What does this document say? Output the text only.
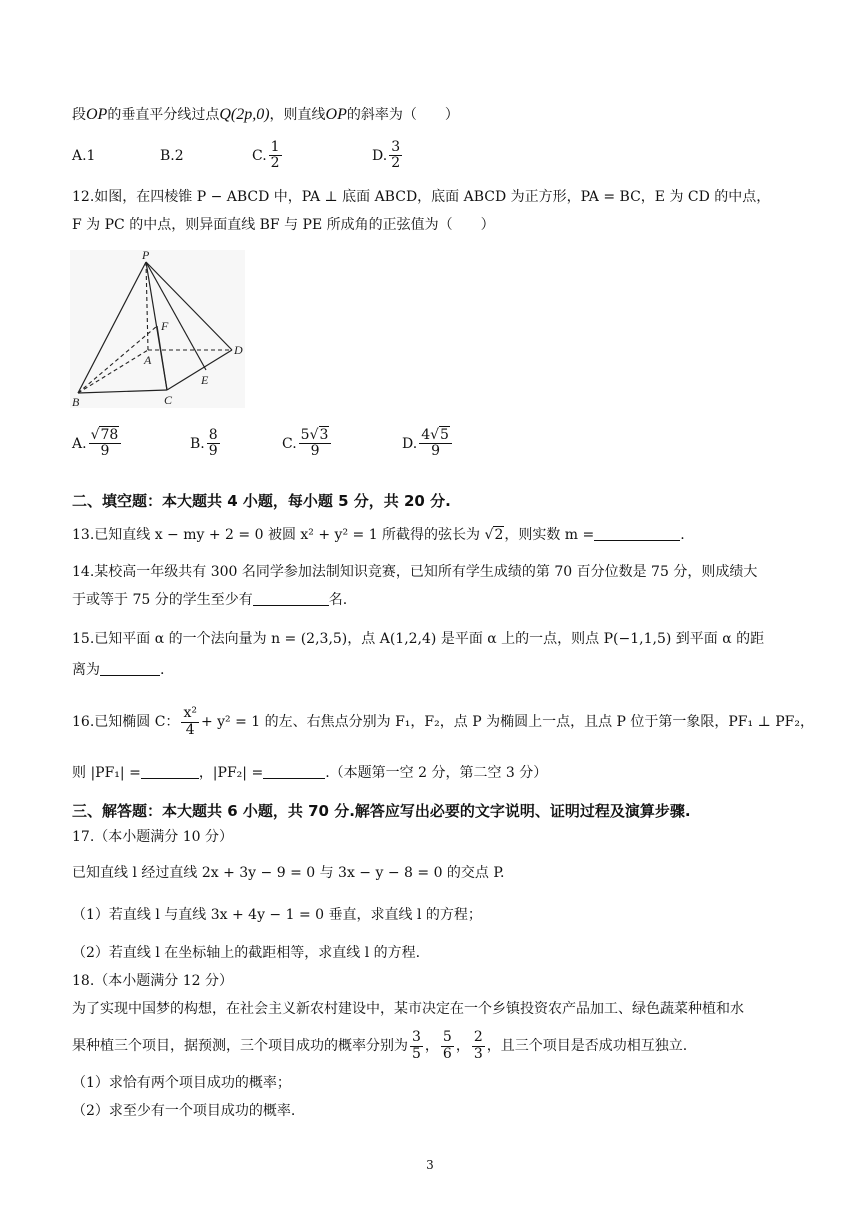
段OP的垂直平分线过点Q(2p,0)，则直线OP的斜率为（　　）
A.1	B.2	C. $\frac{1}{2}$	D. $\frac{3}{2}$
12.如图，在四棱锥 P − ABCD 中，PA ⊥ 底面 ABCD，底面 ABCD 为正方形，PA = BC，E 为 CD 的中点，
F 为 PC 的中点，则异面直线 BF 与 PE 所成角的正弦值为（　　）
P
F
A
D
E
B	C
A. $\frac{√78}{9}$	B. $\frac{8}{9}$	C. $\frac{5√3}{9}$	D. $\frac{4√5}{9}$
二、填空题：本大题共 4 小题，每小题 5 分，共 20 分.
13.已知直线 x − my + 2 = 0 被圆 x² + y² = 1 所截得的弦长为 √2，则实数 m =	.
14.某校高一年级共有 300 名同学参加法制知识竞赛，已知所有学生成绩的第 70 百分位数是 75 分，则成绩大
于或等于 75 分的学生至少有	名.
15.已知平面 α 的一个法向量为 n = (2,3,5)，点 A(1,2,4) 是平面 α 上的一点，则点 P(−1,1,5) 到平面 α 的距
离为	.
16.已知椭圆 C： $\frac{\text{x²}}{4} + y^2 = 1$ 的左、右焦点分别为 F₁，F₂，点 P 为椭圆上一点，且点 P 位于第一象限，PF₁ ⊥ PF₂，
则 |PF₁| =	，|PF₂| =	.（本题第一空 2 分，第二空 3 分）
三、解答题：本大题共 6 小题，共 70 分.解答应写出必要的文字说明、证明过程及演算步骤.
17.（本小题满分 10 分）
已知直线 l 经过直线 2x + 3y − 9 = 0 与 3x − y − 8 = 0 的交点 P.
（1）若直线 l 与直线 3x + 4y − 1 = 0 垂直，求直线 l 的方程；
（2）若直线 l 在坐标轴上的截距相等，求直线 l 的方程.
18.（本小题满分 12 分）
为了实现中国梦的构想，在社会主义新农村建设中，某市决定在一个乡镇投资农产品加工、绿色蔬菜种植和水
果种植三个项目，据预测，三个项目成功的概率分别为 $\frac{3}{5}$ ， $\frac{5}{6}$ ， $\frac{2}{3}$ ，且三个项目是否成功相互独立.
（1）求恰有两个项目成功的概率；
（2）求至少有一个项目成功的概率.
3
